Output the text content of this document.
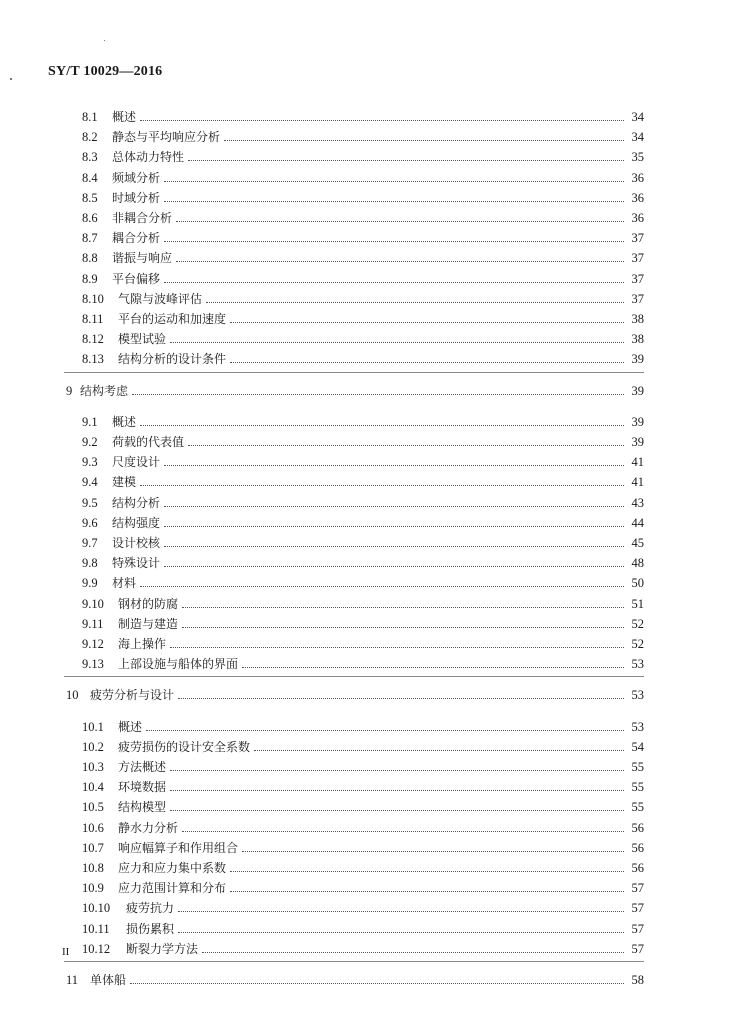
SY/T 10029—2016
8.1	概述	34
8.2	静态与平均响应分析	34
8.3	总体动力特性	35
8.4	频域分析	36
8.5	时域分析	36
8.6	非耦合分析	36
8.7	耦合分析	37
8.8	谐振与响应	37
8.9	平台偏移	37
8.10	气隙与波峰评估	37
8.11	平台的运动和加速度	38
8.12	模型试验	38
8.13	结构分析的设计条件	39
9 结构考虑	39
9.1	概述	39
9.2	荷载的代表值	39
9.3	尺度设计	41
9.4	建模	41
9.5	结构分析	43
9.6	结构强度	44
9.7	设计校核	45
9.8	特殊设计	48
9.9	材料	50
9.10	钢材的防腐	51
9.11	制造与建造	52
9.12	海上操作	52
9.13	上部设施与船体的界面	53
10 疲劳分析与设计	53
10.1	概述	53
10.2	疲劳损伤的设计安全系数	54
10.3	方法概述	55
10.4	环境数据	55
10.5	结构模型	55
10.6	静水力分析	56
10.7	响应幅算子和作用组合	56
10.8	应力和应力集中系数	56
10.9	应力范围计算和分布	57
10.10	疲劳抗力	57
10.11	损伤累积	57
10.12	断裂力学方法	57
11 单体船	58
II
